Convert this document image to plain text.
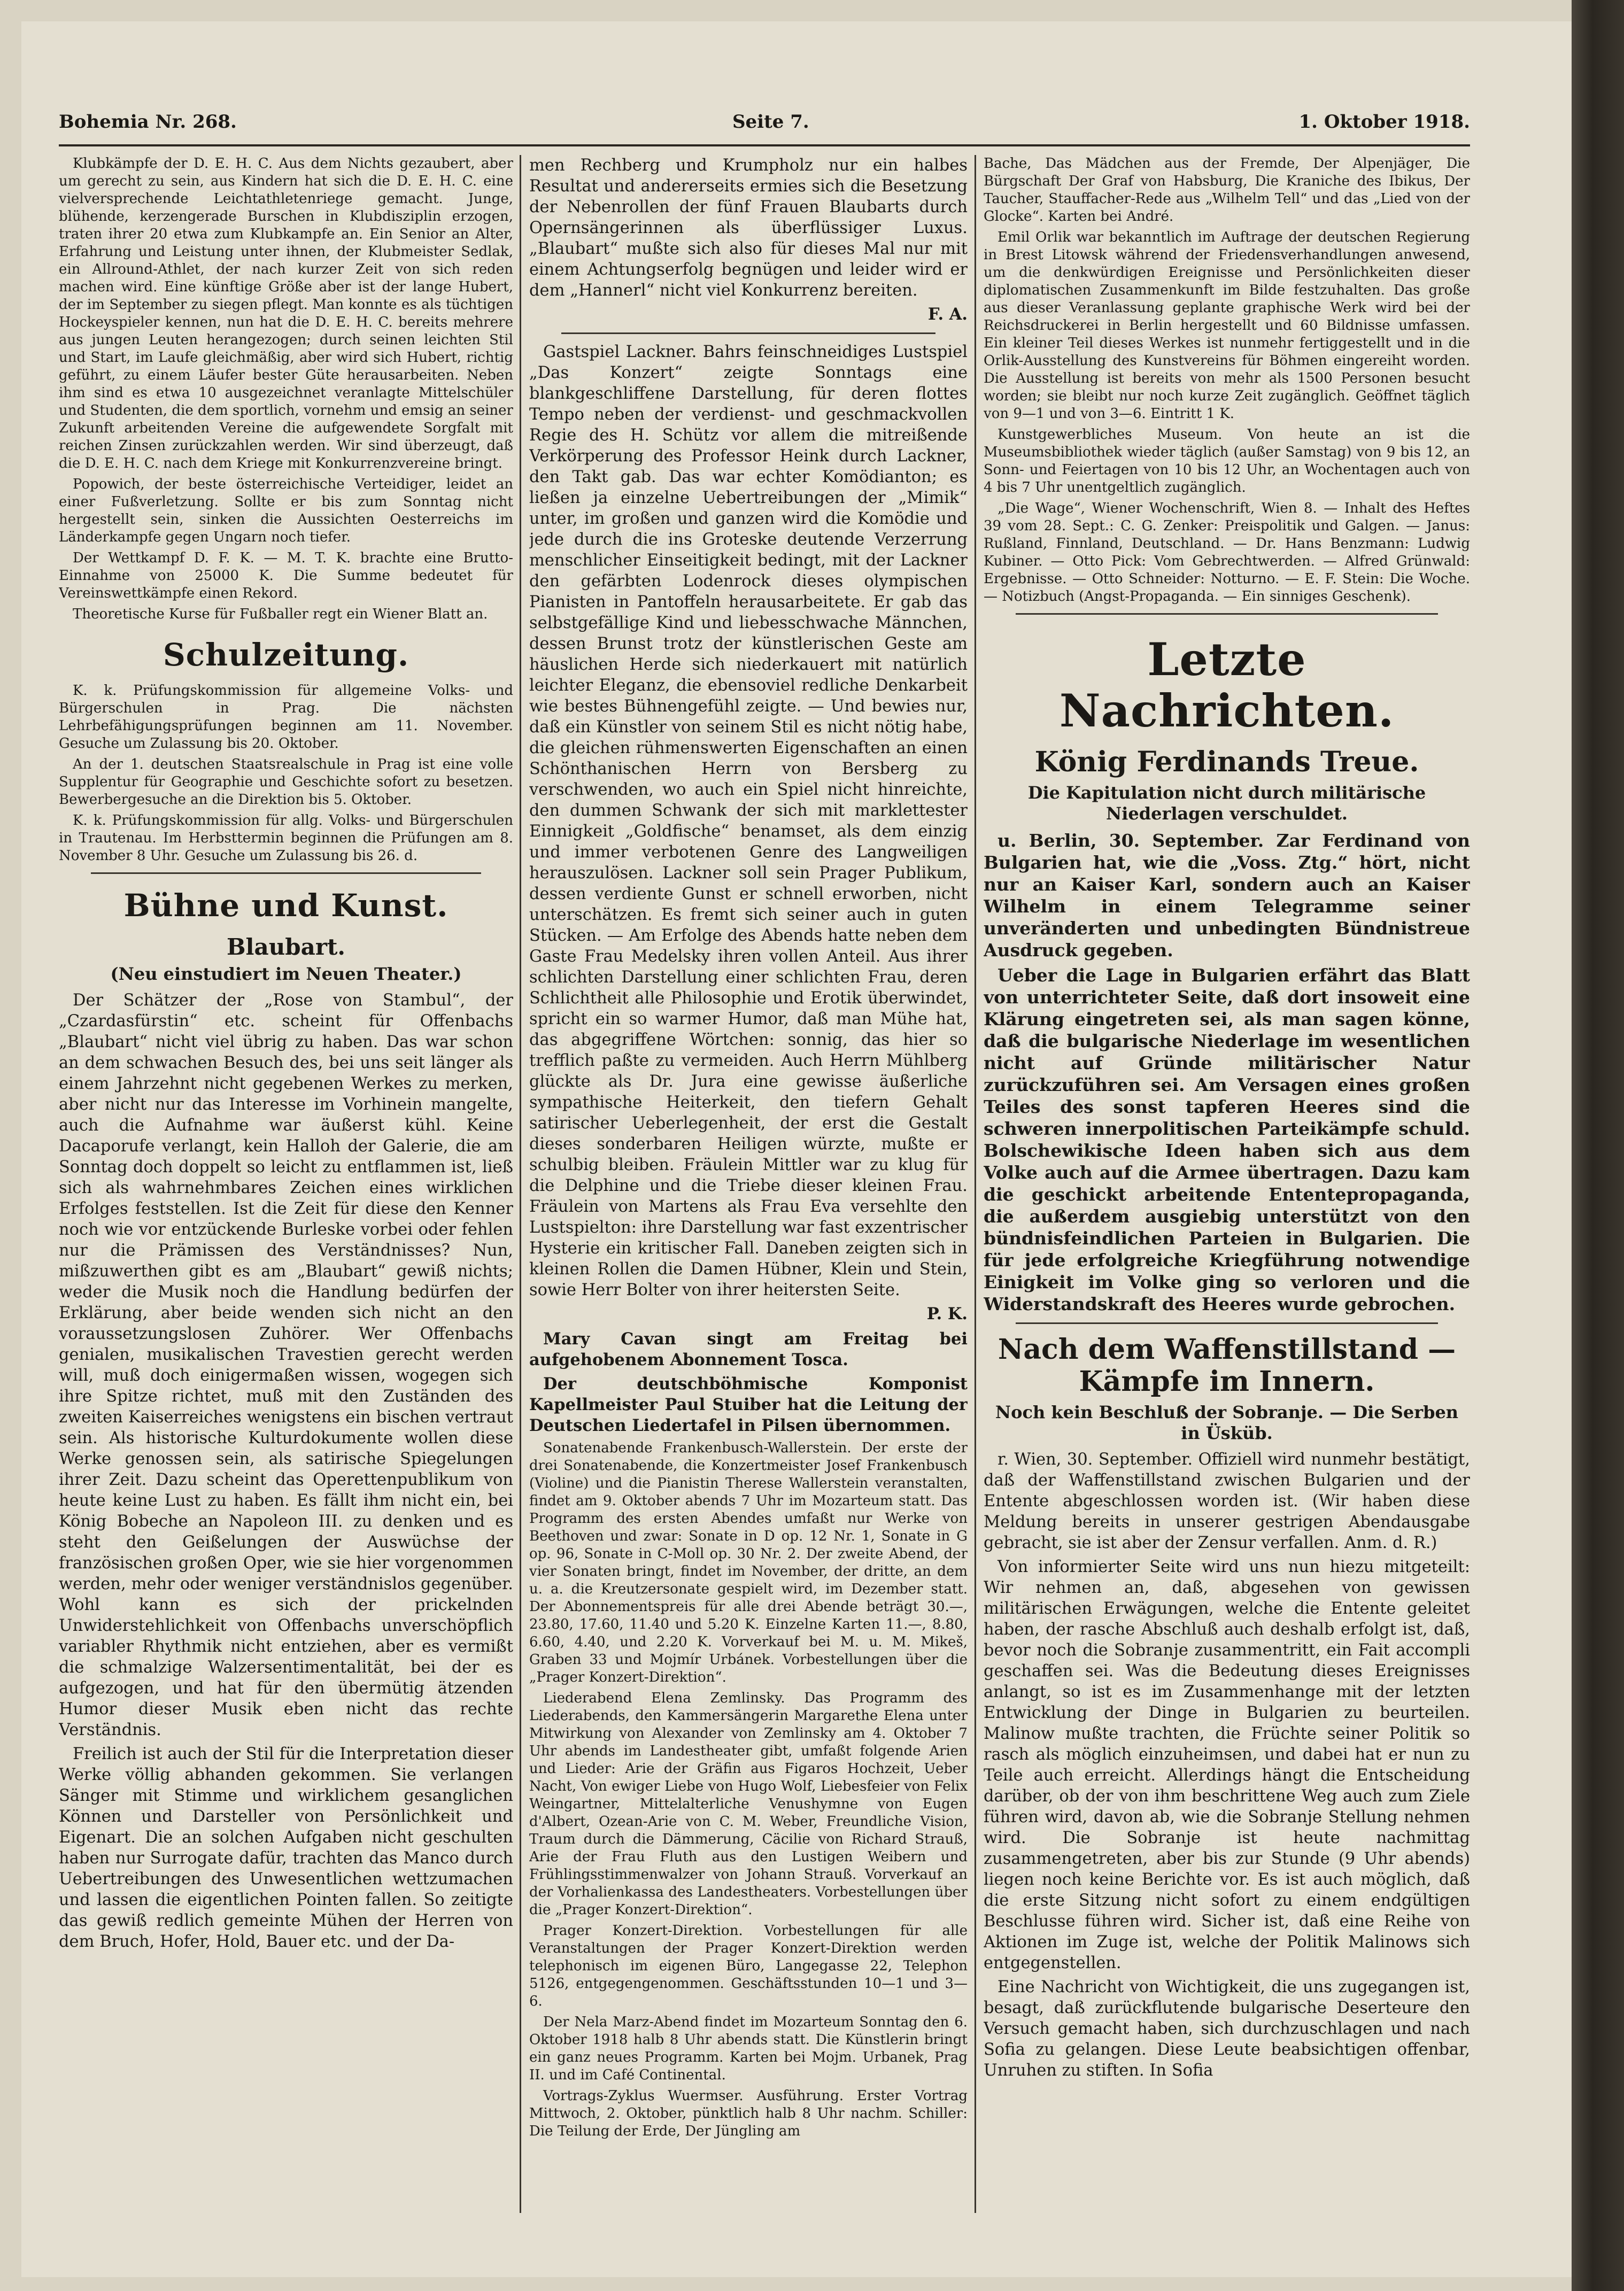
Bohemia Nr. 268.	Seite 7.	1. Oktober 1918.

Klubkämpfe der D. E. H. C. Aus dem Nichts gezaubert, aber um gerecht zu sein, aus Kindern hat sich die D. E. H. C. eine vielversprechende Leichtathletenriege gemacht. Junge, blühende, kerzengerade Burschen in Klubdisziplin erzogen, traten ihrer 20 etwa zum Klubkampfe an. Ein Senior an Alter, Erfahrung und Leistung unter ihnen, der Klubmeister Sedlak, ein Allround-Athlet, der nach kurzer Zeit von sich reden machen wird. Eine künftige Größe aber ist der lange Hubert, der im September zu siegen pflegt. Man konnte es als tüchtigen Hockeyspieler kennen, nun hat die D. E. H. C. bereits mehrere aus jungen Leuten herangezogen; durch seinen leichten Stil und Start, im Laufe gleichmäßig, aber wird sich Hubert, richtig geführt, zu einem Läufer bester Güte herausarbeiten. Neben ihm sind es etwa 10 ausgezeichnet veranlagte Mittelschüler und Studenten, die dem sportlich, vornehm und emsig an seiner Zukunft arbeitenden Vereine die aufgewendete Sorgfalt mit reichen Zinsen zurückzahlen werden. Wir sind überzeugt, daß die D. E. H. C. nach dem Kriege mit Konkurrenzvereine bringt.

Popowich, der beste österreichische Verteidiger, leidet an einer Fußverletzung. Sollte er bis zum Sonntag nicht hergestellt sein, sinken die Aussichten Oesterreichs im Länderkampfe gegen Ungarn noch tiefer.

Der Wettkampf D. F. K. — M. T. K. brachte eine Brutto-Einnahme von 25000 K. Die Summe bedeutet für Vereinswettkämpfe einen Rekord.

Theoretische Kurse für Fußballer regt ein Wiener Blatt an.

Schulzeitung.

K. k. Prüfungskommission für allgemeine Volks- und Bürgerschulen in Prag. Die nächsten Lehrbefähigungsprüfungen beginnen am 11. November. Gesuche um Zulassung bis 20. Oktober.

An der 1. deutschen Staatsrealschule in Prag ist eine volle Supplentur für Geographie und Geschichte sofort zu besetzen. Bewerbergesuche an die Direktion bis 5. Oktober.

K. k. Prüfungskommission für allg. Volks- und Bürgerschulen in Trautenau. Im Herbsttermin beginnen die Prüfungen am 8. November 8 Uhr. Gesuche um Zulassung bis 26. d.

Bühne und Kunst.
Blaubart.
(Neu einstudiert im Neuen Theater.)

Der Schätzer der „Rose von Stambul“, der „Czardasfürstin“ etc. scheint für Offenbachs „Blaubart“ nicht viel übrig zu haben. Das war schon an dem schwachen Besuch des, bei uns seit länger als einem Jahrzehnt nicht gegebenen Werkes zu merken, aber nicht nur das Interesse im Vorhinein mangelte, auch die Aufnahme war äußerst kühl. Keine Dacaporufe verlangt, kein Halloh der Galerie, die am Sonntag doch doppelt so leicht zu entflammen ist, ließ sich als wahrnehmbares Zeichen eines wirklichen Erfolges feststellen. Ist die Zeit für diese den Kenner noch wie vor entzückende Burleske vorbei oder fehlen nur die Prämissen des Verständnisses? Nun, mißzuwerthen gibt es am „Blaubart“ gewiß nichts; weder die Musik noch die Handlung bedürfen der Erklärung, aber beide wenden sich nicht an den voraussetzungslosen Zuhörer. Wer Offenbachs genialen, musikalischen Travestien gerecht werden will, muß doch einigermaßen wissen, wogegen sich ihre Spitze richtet, muß mit den Zuständen des zweiten Kaiserreiches wenigstens ein bischen vertraut sein. Als historische Kulturdokumente wollen diese Werke genossen sein, als satirische Spiegelungen ihrer Zeit. Dazu scheint das Operettenpublikum von heute keine Lust zu haben. Es fällt ihm nicht ein, bei König Bobeche an Napoleon III. zu denken und es steht den Geißelungen der Auswüchse der französischen großen Oper, wie sie hier vorgenommen werden, mehr oder weniger verständnislos gegenüber. Wohl kann es sich der prickelnden Unwiderstehlichkeit von Offenbachs unverschöpflich variabler Rhythmik nicht entziehen, aber es vermißt die schmalzige Walzersentimentalität, bei der es aufgezogen, und hat für den übermütig ätzenden Humor dieser Musik eben nicht das rechte Verständnis.

Freilich ist auch der Stil für die Interpretation dieser Werke völlig abhanden gekommen. Sie verlangen Sänger mit Stimme und wirklichem gesanglichen Können und Darsteller von Persönlichkeit und Eigenart. Die an solchen Aufgaben nicht geschulten haben nur Surrogate dafür, trachten das Manco durch Uebertreibungen des Unwesentlichen wettzumachen und lassen die eigentlichen Pointen fallen. So zeitigte das gewiß redlich gemeinte Mühen der Herren von dem Bruch, Hofer, Hold, Bauer etc. und der Da-

men Rechberg und Krumpholz nur ein halbes Resultat und andererseits ermies sich die Besetzung der Nebenrollen der fünf Frauen Blaubarts durch Opernsängerinnen als überflüssiger Luxus. „Blaubart“ mußte sich also für dieses Mal nur mit einem Achtungserfolg begnügen und leider wird er dem „Hannerl“ nicht viel Konkurrenz bereiten.

F. A.

Gastspiel Lackner. Bahrs feinschneidiges Lustspiel „Das Konzert“ zeigte Sonntags eine blankgeschliffene Darstellung, für deren flottes Tempo neben der verdienst- und geschmackvollen Regie des H. Schütz vor allem die mitreißende Verkörperung des Professor Heink durch Lackner, den Takt gab. Das war echter Komödianton; es ließen ja einzelne Uebertreibungen der „Mimik“ unter, im großen und ganzen wird die Komödie und jede durch die ins Groteske deutende Verzerrung menschlicher Einseitigkeit bedingt, mit der Lackner den gefärbten Lodenrock dieses olympischen Pianisten in Pantoffeln herausarbeitete. Er gab das selbstgefällige Kind und liebesschwache Männchen, dessen Brunst trotz der künstlerischen Geste am häuslichen Herde sich niederkauert mit natürlich leichter Eleganz, die ebensoviel redliche Denkarbeit wie bestes Bühnengefühl zeigte. — Und bewies nur, daß ein Künstler von seinem Stil es nicht nötig habe, die gleichen rühmenswerten Eigenschaften an einen Schönthanischen Herrn von Bersberg zu verschwenden, wo auch ein Spiel nicht hinreichte, den dummen Schwank der sich mit marklettester Einnigkeit „Goldfische“ benamset, als dem einzig und immer verbotenen Genre des Langweiligen herauszulösen. Lackner soll sein Prager Publikum, dessen verdiente Gunst er schnell erworben, nicht unterschätzen. Es fremt sich seiner auch in guten Stücken. — Am Erfolge des Abends hatte neben dem Gaste Frau Medelsky ihren vollen Anteil. Aus ihrer schlichten Darstellung einer schlichten Frau, deren Schlichtheit alle Philosophie und Erotik überwindet, spricht ein so warmer Humor, daß man Mühe hat, das abgegriffene Wörtchen: sonnig, das hier so trefflich paßte zu vermeiden. Auch Herrn Mühlberg glückte als Dr. Jura eine gewisse äußerliche sympathische Heiterkeit, den tiefern Gehalt satirischer Ueberlegenheit, der erst die Gestalt dieses sonderbaren Heiligen würzte, mußte er schulbig bleiben. Fräulein Mittler war zu klug für die Delphine und die Triebe dieser kleinen Frau. Fräulein von Martens als Frau Eva versehlte den Lustspielton: ihre Darstellung war fast exzentrischer Hysterie ein kritischer Fall. Daneben zeigten sich in kleinen Rollen die Damen Hübner, Klein und Stein, sowie Herr Bolter von ihrer heitersten Seite.

P. K.

Mary Cavan singt am Freitag bei aufgehobenem Abonnement Tosca.

Der deutschböhmische Komponist Kapellmeister Paul Stuiber hat die Leitung der Deutschen Liedertafel in Pilsen übernommen.

Sonatenabende Frankenbusch-Wallerstein. Der erste der drei Sonatenabende, die Konzertmeister Josef Frankenbusch (Violine) und die Pianistin Therese Wallerstein veranstalten, findet am 9. Oktober abends 7 Uhr im Mozarteum statt. Das Programm des ersten Abendes umfaßt nur Werke von Beethoven und zwar: Sonate in D op. 12 Nr. 1, Sonate in G op. 96, Sonate in C-Moll op. 30 Nr. 2. Der zweite Abend, der vier Sonaten bringt, findet im November, der dritte, an dem u. a. die Kreutzersonate gespielt wird, im Dezember statt. Der Abonnementspreis für alle drei Abende beträgt 30.—, 23.80, 17.60, 11.40 und 5.20 K. Einzelne Karten 11.—, 8.80, 6.60, 4.40, und 2.20 K. Vorverkauf bei M. u. M. Mikeš, Graben 33 und Mojmír Urbánek. Vorbestellungen über die „Prager Konzert-Direktion“.

Liederabend Elena Zemlinsky. Das Programm des Liederabends, den Kammersängerin Margarethe Elena unter Mitwirkung von Alexander von Zemlinsky am 4. Oktober 7 Uhr abends im Landestheater gibt, umfaßt folgende Arien und Lieder: Arie der Gräfin aus Figaros Hochzeit, Ueber Nacht, Von ewiger Liebe von Hugo Wolf, Liebesfeier von Felix Weingartner, Mittelalterliche Venushymne von Eugen d'Albert, Ozean-Arie von C. M. Weber, Freundliche Vision, Traum durch die Dämmerung, Cäcilie von Richard Strauß, Arie der Frau Fluth aus den Lustigen Weibern und Frühlingsstimmenwalzer von Johann Strauß. Vorverkauf an der Vorhalienkassa des Landestheaters. Vorbestellungen über die „Prager Konzert-Direktion“.

Prager Konzert-Direktion. Vorbestellungen für alle Veranstaltungen der Prager Konzert-Direktion werden telephonisch im eigenen Büro, Langegasse 22, Telephon 5126, entgegengenommen. Geschäftsstunden 10—1 und 3—6.

Der Nela Marz-Abend findet im Mozarteum Sonntag den 6. Oktober 1918 halb 8 Uhr abends statt. Die Künstlerin bringt ein ganz neues Programm. Karten bei Mojm. Urbanek, Prag II. und im Café Continental.

Vortrags-Zyklus Wuermser. Ausführung. Erster Vortrag Mittwoch, 2. Oktober, pünktlich halb 8 Uhr nachm. Schiller: Die Teilung der Erde, Der Jüngling am

Bache, Das Mädchen aus der Fremde, Der Alpenjäger, Die Bürgschaft Der Graf von Habsburg, Die Kraniche des Ibikus, Der Taucher, Stauffacher-Rede aus „Wilhelm Tell“ und das „Lied von der Glocke“. Karten bei André.

Emil Orlik war bekanntlich im Auftrage der deutschen Regierung in Brest Litowsk während der Friedensverhandlungen anwesend, um die denkwürdigen Ereignisse und Persönlichkeiten dieser diplomatischen Zusammenkunft im Bilde festzuhalten. Das große aus dieser Veranlassung geplante graphische Werk wird bei der Reichsdruckerei in Berlin hergestellt und 60 Bildnisse umfassen. Ein kleiner Teil dieses Werkes ist nunmehr fertiggestellt und in die Orlik-Ausstellung des Kunstvereins für Böhmen eingereiht worden. Die Ausstellung ist bereits von mehr als 1500 Personen besucht worden; sie bleibt nur noch kurze Zeit zugänglich. Geöffnet täglich von 9—1 und von 3—6. Eintritt 1 K.

Kunstgewerbliches Museum. Von heute an ist die Museumsbibliothek wieder täglich (außer Samstag) von 9 bis 12, an Sonn- und Feiertagen von 10 bis 12 Uhr, an Wochentagen auch von 4 bis 7 Uhr unentgeltlich zugänglich.

„Die Wage“, Wiener Wochenschrift, Wien 8. — Inhalt des Heftes 39 vom 28. Sept.: C. G. Zenker: Preispolitik und Galgen. — Janus: Rußland, Finnland, Deutschland. — Dr. Hans Benzmann: Ludwig Kubiner. — Otto Pick: Vom Gebrechtwerden. — Alfred Grünwald: Ergebnisse. — Otto Schneider: Notturno. — E. F. Stein: Die Woche. — Notizbuch (Angst-Propaganda. — Ein sinniges Geschenk).

Letzte Nachrichten.
König Ferdinands Treue.
Die Kapitulation nicht durch militärische Niederlagen verschuldet.

u. Berlin, 30. September. Zar Ferdinand von Bulgarien hat, wie die „Voss. Ztg.“ hört, nicht nur an Kaiser Karl, sondern auch an Kaiser Wilhelm in einem Telegramme seiner unveränderten und unbedingten Bündnistreue Ausdruck gegeben.

Ueber die Lage in Bulgarien erfährt das Blatt von unterrichteter Seite, daß dort insoweit eine Klärung eingetreten sei, als man sagen könne, daß die bulgarische Niederlage im wesentlichen nicht auf Gründe militärischer Natur zurückzuführen sei. Am Versagen eines großen Teiles des sonst tapferen Heeres sind die schweren innerpolitischen Parteikämpfe schuld. Bolschewikische Ideen haben sich aus dem Volke auch auf die Armee übertragen. Dazu kam die geschickt arbeitende Ententepropaganda, die außerdem ausgiebig unterstützt von den bündnisfeindlichen Parteien in Bulgarien. Die für jede erfolgreiche Kriegführung notwendige Einigkeit im Volke ging so verloren und die Widerstandskraft des Heeres wurde gebrochen.

Nach dem Waffenstillstand — Kämpfe im Innern.
Noch kein Beschluß der Sobranje. — Die Serben in Üsküb.

r. Wien, 30. September. Offiziell wird nunmehr bestätigt, daß der Waffenstillstand zwischen Bulgarien und der Entente abgeschlossen worden ist. (Wir haben diese Meldung bereits in unserer gestrigen Abendausgabe gebracht, sie ist aber der Zensur verfallen. Anm. d. R.)

Von informierter Seite wird uns nun hiezu mitgeteilt: Wir nehmen an, daß, abgesehen von gewissen militärischen Erwägungen, welche die Entente geleitet haben, der rasche Abschluß auch deshalb erfolgt ist, daß, bevor noch die Sobranje zusammentritt, ein Fait accompli geschaffen sei. Was die Bedeutung dieses Ereignisses anlangt, so ist es im Zusammenhange mit der letzten Entwicklung der Dinge in Bulgarien zu beurteilen. Malinow mußte trachten, die Früchte seiner Politik so rasch als möglich einzuheimsen, und dabei hat er nun zu Teile auch erreicht. Allerdings hängt die Entscheidung darüber, ob der von ihm beschrittene Weg auch zum Ziele führen wird, davon ab, wie die Sobranje Stellung nehmen wird. Die Sobranje ist heute nachmittag zusammengetreten, aber bis zur Stunde (9 Uhr abends) liegen noch keine Berichte vor. Es ist auch möglich, daß die erste Sitzung nicht sofort zu einem endgültigen Beschlusse führen wird. Sicher ist, daß eine Reihe von Aktionen im Zuge ist, welche der Politik Malinows sich entgegenstellen.

Eine Nachricht von Wichtigkeit, die uns zugegangen ist, besagt, daß zurückflutende bulgarische Deserteure den Versuch gemacht haben, sich durchzuschlagen und nach Sofia zu gelangen. Diese Leute beabsichtigen offenbar, Unruhen zu stiften. In Sofia
